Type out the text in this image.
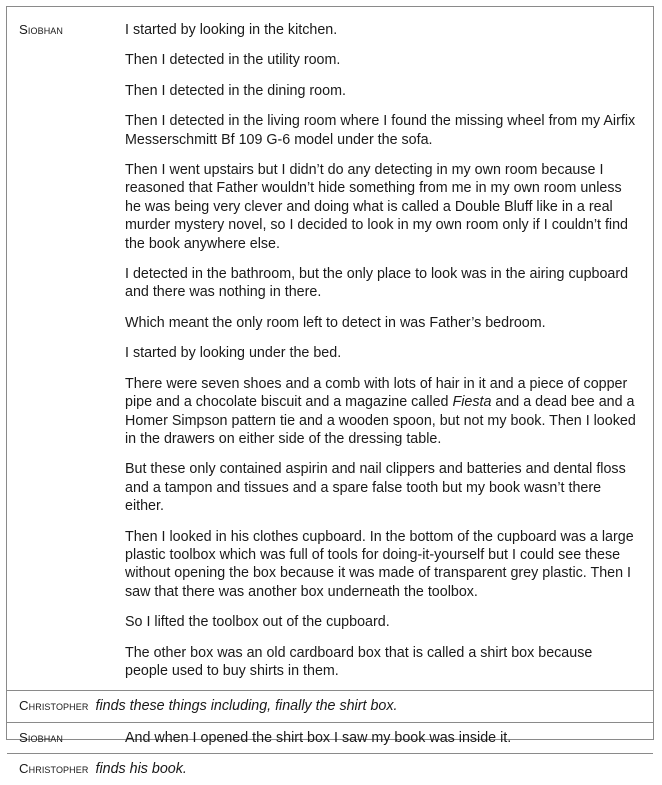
Siobhan	I started by looking in the kitchen.

Then I detected in the utility room.

Then I detected in the dining room.

Then I detected in the living room where I found the missing wheel from my Airfix Messerschmitt Bf 109 G-6 model under the sofa.

Then I went upstairs but I didn’t do any detecting in my own room because I reasoned that Father wouldn’t hide something from me in my own room unless he was being very clever and doing what is called a Double Bluff like in a real murder mystery novel, so I decided to look in my own room only if I couldn’t find the book anywhere else.

I detected in the bathroom, but the only place to look was in the airing cupboard and there was nothing in there.

Which meant the only room left to detect in was Father’s bedroom.

I started by looking under the bed.

There were seven shoes and a comb with lots of hair in it and a piece of copper pipe and a chocolate biscuit and a magazine called Fiesta and a dead bee and a Homer Simpson pattern tie and a wooden spoon, but not my book. Then I looked in the drawers on either side of the dressing table.

But these only contained aspirin and nail clippers and batteries and dental floss and a tampon and tissues and a spare false tooth but my book wasn’t there either.

Then I looked in his clothes cupboard. In the bottom of the cupboard was a large plastic toolbox which was full of tools for doing-it-yourself but I could see these without opening the box because it was made of transparent grey plastic. Then I saw that there was another box underneath the toolbox.

So I lifted the toolbox out of the cupboard.

The other box was an old cardboard box that is called a shirt box because people used to buy shirts in them.

Christopher finds these things including, finally the shirt box.
Siobhan	And when I opened the shirt box I saw my book was inside it.
Christopher finds his book.
